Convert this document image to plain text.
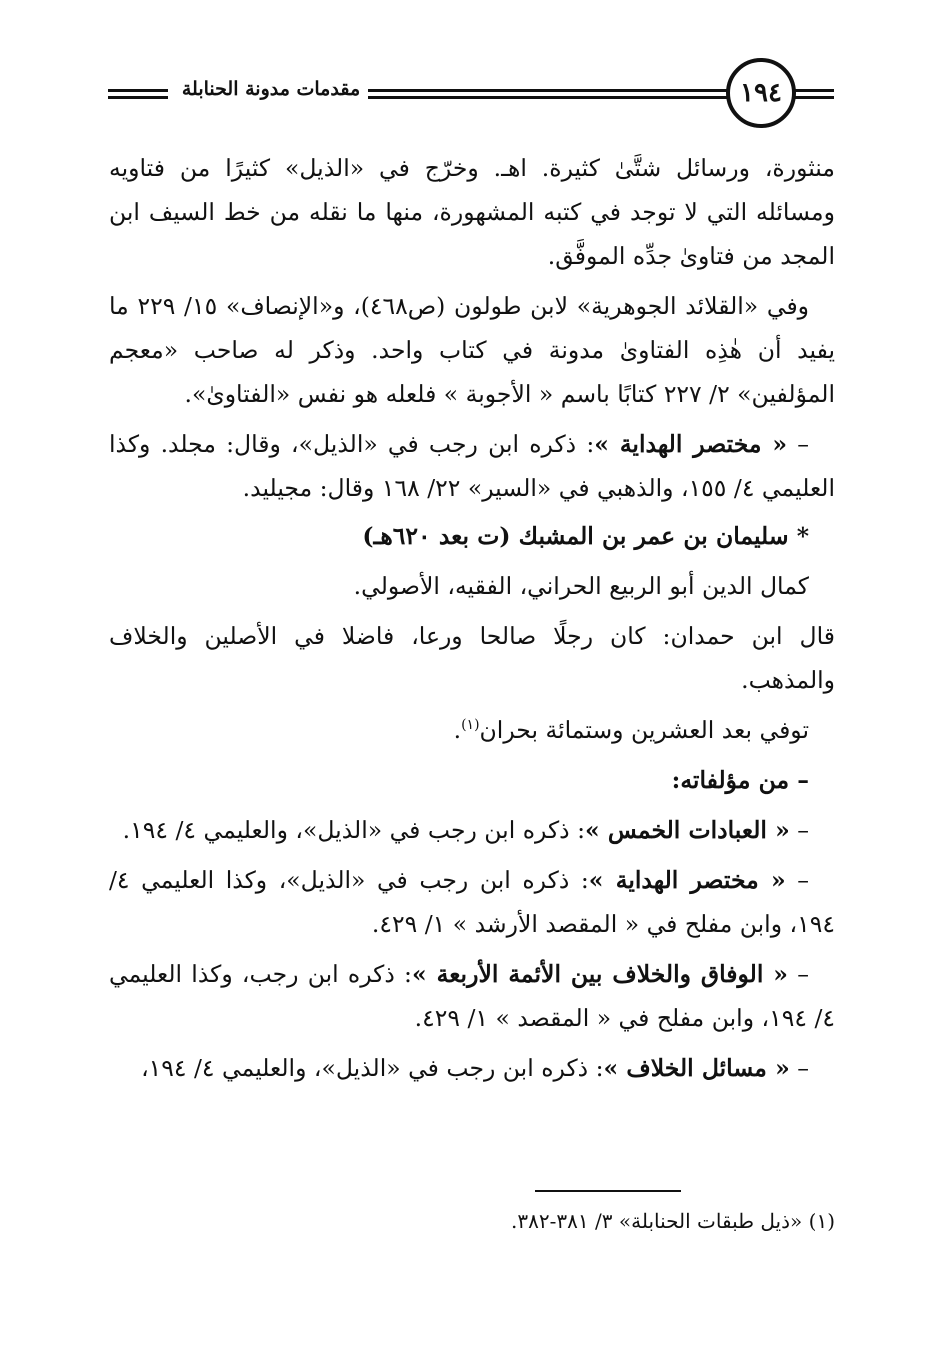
١٩٤
مقدمات مدونة الحنابلة

منثورة، ورسائل شتَّىٰ كثيرة. اهـ. وخرّج في «الذيل» كثيرًا من فتاويه ومسائله التي لا توجد في كتبه المشهورة، منها ما نقله من خط السيف ابن المجد من فتاوىٰ جدِّه الموفَّق.

وفي «القلائد الجوهرية» لابن طولون (ص٤٦٨)، و«الإنصاف» ١٥/ ٢٢٩ ما يفيد أن هٰذِه الفتاوىٰ مدونة في كتاب واحد. وذكر له صاحب «معجم المؤلفين» ٢/ ٢٢٧ كتابًا باسم « الأجوبة » فلعله هو نفس «الفتاوىٰ».

– « مختصر الهداية »: ذكره ابن رجب في «الذيل»، وقال: مجلد. وكذا العليمي ٤/ ١٥٥، والذهبي في «السير» ٢٢/ ١٦٨ وقال: مجيليد.

* سليمان بن عمر بن المشبك (ت بعد ٦٢٠هـ)

كمال الدين أبو الربيع الحراني، الفقيه، الأصولي.

قال ابن حمدان: كان رجلًا صالحا ورعا، فاضلا في الأصلين والخلاف والمذهب.

توفي بعد العشرين وستمائة بحران$^{(١)}$.

– من مؤلفاته:

– « العبادات الخمس »: ذكره ابن رجب في «الذيل»، والعليمي ٤/ ١٩٤.

– « مختصر الهداية »: ذكره ابن رجب في «الذيل»، وكذا العليمي ٤/ ١٩٤، وابن مفلح في « المقصد الأرشد » ١/ ٤٢٩.

– « الوفاق والخلاف بين الأئمة الأربعة »: ذكره ابن رجب، وكذا العليمي ٤/ ١٩٤، وابن مفلح في « المقصد » ١/ ٤٢٩.

– « مسائل الخلاف »: ذكره ابن رجب في «الذيل»، والعليمي ٤/ ١٩٤،

(١) «ذيل طبقات الحنابلة» ٣/ ٣٨١-٣٨٢.
